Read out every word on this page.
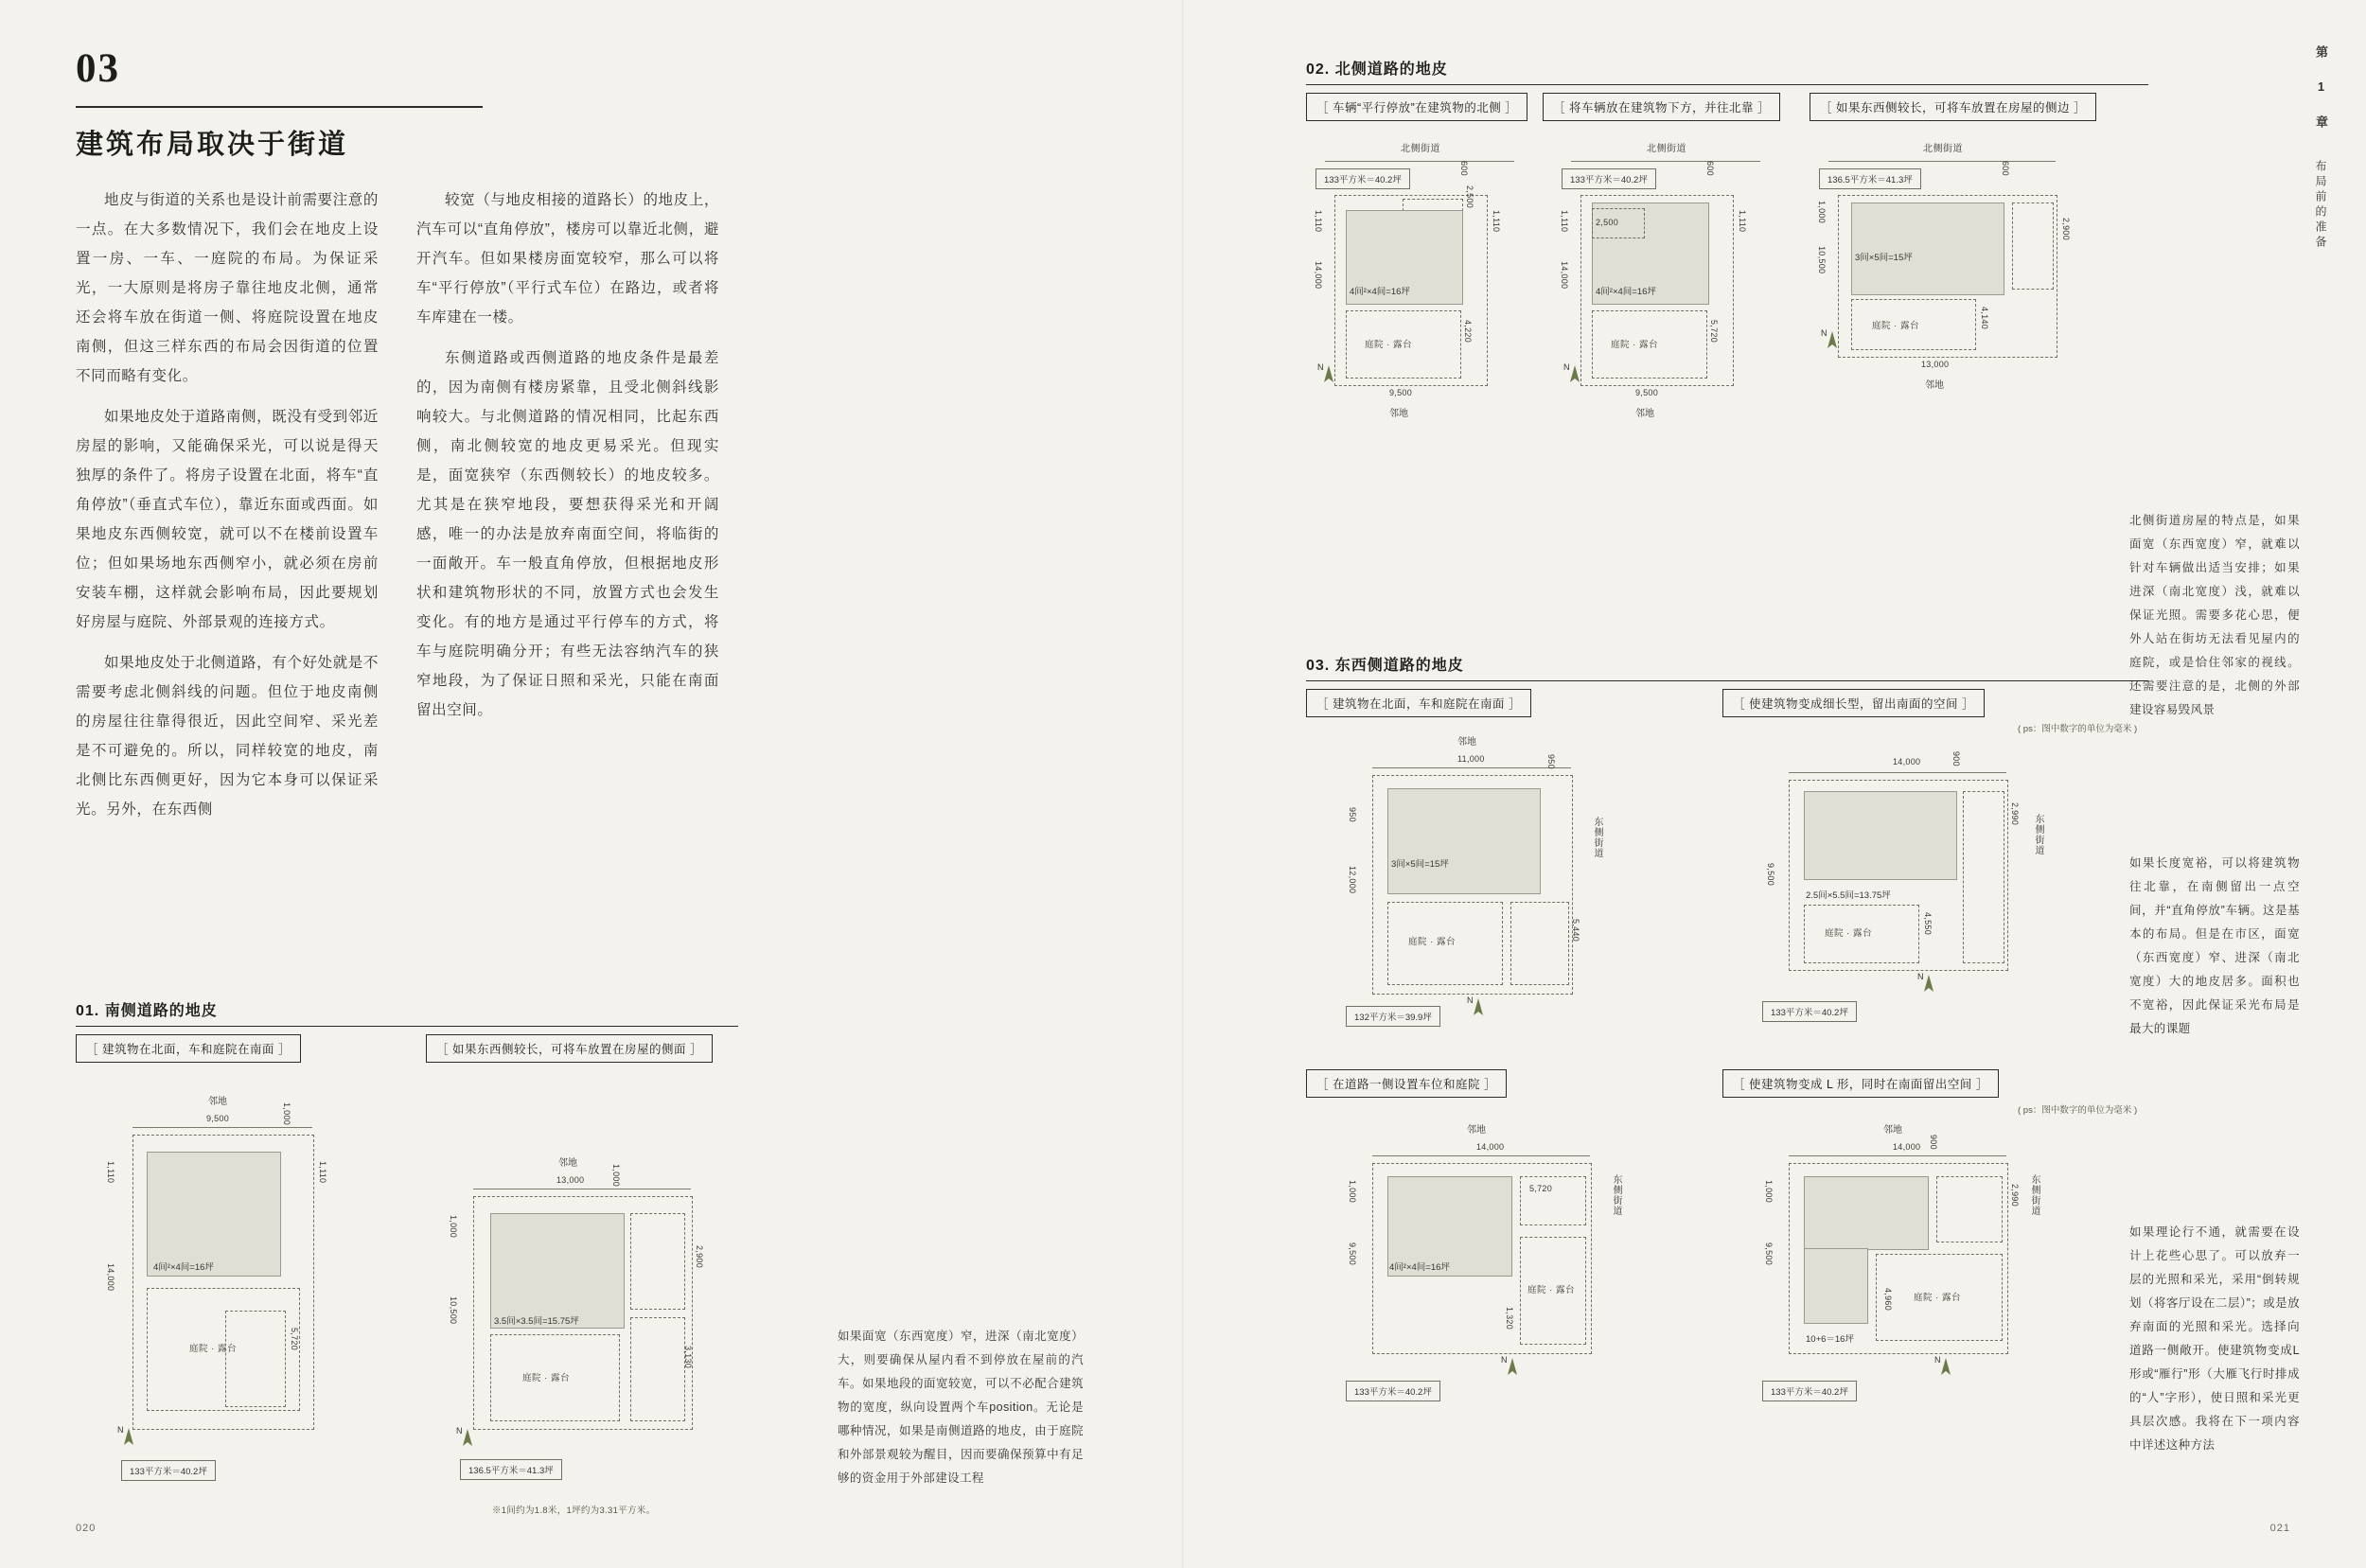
03
建筑布局取决于街道

地皮与街道的关系也是设计前需要注意的一点。在大多数情况下，我们会在地皮上设置一房、一车、一庭院的布局。为保证采光，一大原则是将房子靠往地皮北侧，通常还会将车放在街道一侧、将庭院设置在地皮南侧，但这三样东西的布局会因街道的位置不同而略有变化。

如果地皮处于道路南侧，既没有受到邻近房屋的影响，又能确保采光，可以说是得天独厚的条件了。将房子设置在北面，将车“直角停放”（垂直式车位），靠近东面或西面。如果地皮东西侧较宽，就可以不在楼前设置车位；但如果场地东西侧窄小，就必须在房前安装车棚，这样就会影响布局，因此要规划好房屋与庭院、外部景观的连接方式。

如果地皮处于北侧道路，有个好处就是不需要考虑北侧斜线的问题。但位于地皮南侧的房屋往往靠得很近，因此空间窄、采光差是不可避免的。所以，同样较宽的地皮，南北侧比东西侧更好，因为它本身可以保证采光。另外，在东西侧

较宽（与地皮相接的道路长）的地皮上，汽车可以“直角停放”，楼房可以靠近北侧，避开汽车。但如果楼房面宽较窄，那么可以将车“平行停放”（平行式车位）在路边，或者将车库建在一楼。

东侧道路或西侧道路的地皮条件是最差的，因为南侧有楼房紧靠，且受北侧斜线影响较大。与北侧道路的情况相同，比起东西侧，南北侧较宽的地皮更易采光。但现实是，面宽狭窄（东西侧较长）的地皮较多。尤其是在狭窄地段，要想获得采光和开阔感，唯一的办法是放弃南面空间，将临街的一面敞开。车一般直角停放，但根据地皮形状和建筑物形状的不同，放置方式也会发生变化。有的地方是通过平行停车的方式，将车与庭院明确分开；有些无法容纳汽车的狭窄地段，为了保证日照和采光，只能在南面留出空间。

01. 南侧道路的地皮
［ 建筑物在北面，车和庭院在南面 ］	［ 如果东西侧较长，可将车放置在房屋的侧面 ］
邻地
9,500
4间²×4间=16坪
庭院 · 露台
1,110	1,110
14,000
5,720
1,000
N
133平方米＝40.2坪
邻地
13,000
3.5间×3.5间=15.75坪
庭院 · 露台
1,000
10,500
1,000
2,900
3,130
N
136.5平方米＝41.3坪
如果面宽（东西宽度）窄，进深（南北宽度）大，则要确保从屋内看不到停放在屋前的汽车。如果地段的面宽较宽，可以不必配合建筑物的宽度，纵向设置两个车position。无论是哪种情况，如果是南侧道路的地皮，由于庭院和外部景观较为醒目，因而要确保预算中有足够的资金用于外部建设工程
※1间约为1.8米，1坪约为3.31平方米。
020
第 1 章 布局前的准备
02. 北侧道路的地皮
［ 车辆“平行停放”在建筑物的北侧 ］	［ 将车辆放在建筑物下方，并往北靠 ］	［ 如果东西侧较长，可将车放置在房屋的侧边 ］
北侧街道
133平方米＝40.2坪
4间²×4间=16坪
庭院 · 露台
600
2,500
1,110	1,110
14,000
4,220
9,500
邻地
N
北侧街道
133平方米＝40.2坪
2,500
4间²×4间=16坪
庭院 · 露台
600
1,110	1,110
14,000
5,720
9,500
邻地
N
北侧街道
136.5平方米＝41.3坪
3间×5间=15坪
庭院 · 露台
600
1,000
10,500
2,900
4,140
13,000
邻地
N
北侧街道房屋的特点是，如果面宽（东西宽度）窄，就难以针对车辆做出适当安排；如果进深（南北宽度）浅，就难以保证光照。需要多花心思，便外人站在街坊无法看见屋内的庭院，或是恰住邻家的视线。还需要注意的是，北侧的外部建设容易毁风景
03. 东西侧道路的地皮
［ 建筑物在北面，车和庭院在南面 ］	［ 使建筑物变成细长型，留出南面的空间 ］
邻地
11,000
3间×5间=15坪
庭院 · 露台
950
950
12,000
5,440
东侧街道
N
132平方米＝39.9坪
14,000
2.5间×5.5间=13.75坪
庭院 · 露台
900
2,990
9,500
4,550
东侧街道
( ps：图中数字的单位为毫米 )
N
133平方米＝40.2坪
如果长度宽裕，可以将建筑物往北靠，在南侧留出一点空间，并“直角停放”车辆。这是基本的布局。但是在市区，面宽（东西宽度）窄、进深（南北宽度）大的地皮居多。面积也不宽裕，因此保证采光布局是最大的课题
［ 在道路一侧设置车位和庭院 ］	［ 使建筑物变成 L 形，同时在南面留出空间 ］
邻地
14,000
4间²×4间=16坪
5,720
庭院 · 露台
1,000
9,500
1,320
东侧街道
N
133平方米＝40.2坪
邻地
14,000
10+6＝16坪
庭院 · 露台
900
2,990
1,000
9,500
4,960
东侧街道
( ps：图中数字的单位为毫米 )
N
133平方米＝40.2坪
如果理论行不通，就需要在设计上花些心思了。可以放弃一层的光照和采光，采用“倒转规划（将客厅设在二层）”；或是放弃南面的光照和采光。选择向道路一侧敞开。使建筑物变成L形或“雁行”形（大雁飞行时排成的“人”字形），使日照和采光更具层次感。我将在下一项内容中详述这种方法
021
